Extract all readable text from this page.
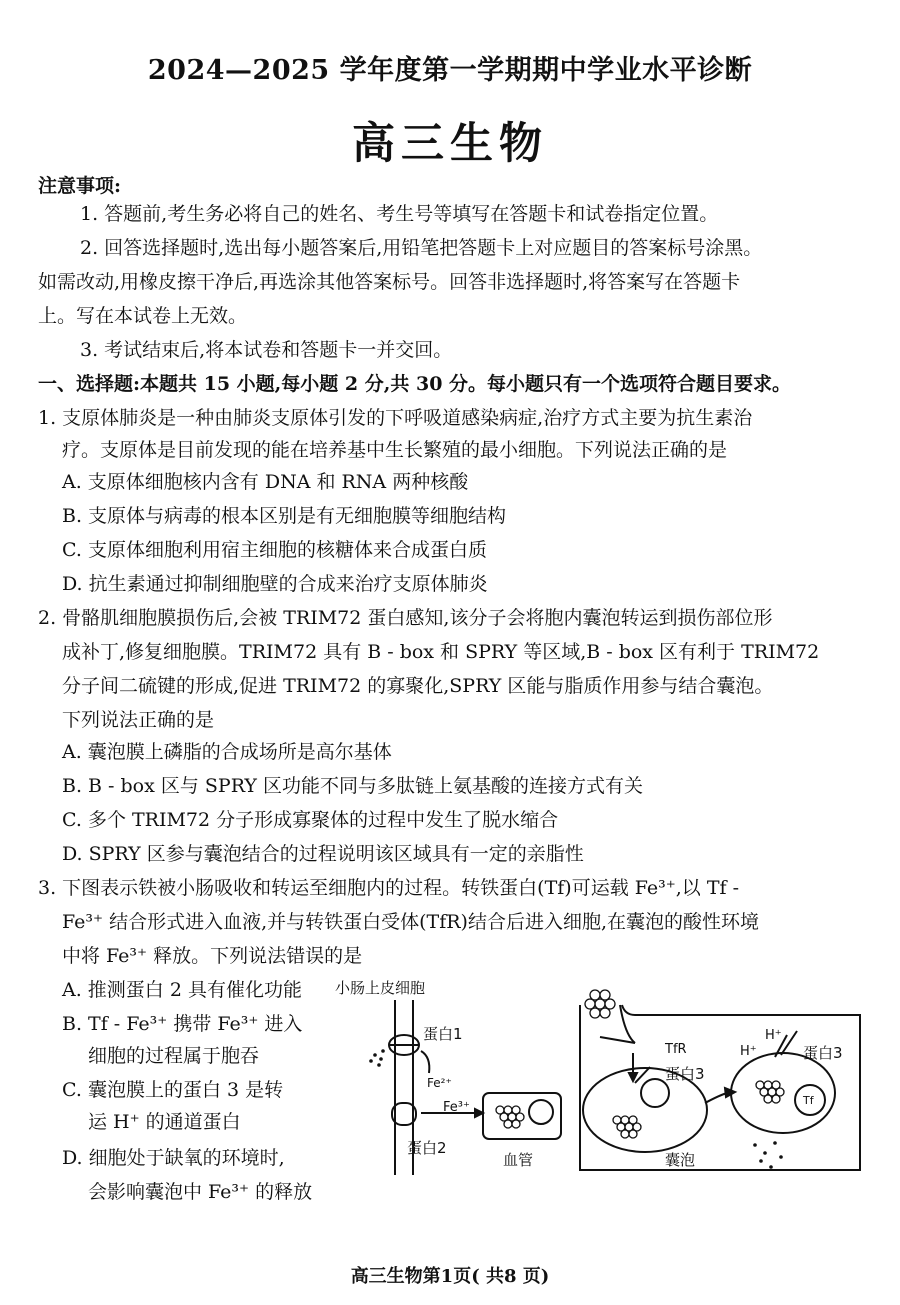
2024—2025 学年度第一学期期中学业水平诊断
高三生物
注意事项:
1. 答题前,考生务必将自己的姓名、考生号等填写在答题卡和试卷指定位置。
2. 回答选择题时,选出每小题答案后,用铅笔把答题卡上对应题目的答案标号涂黑。
如需改动,用橡皮擦干净后,再选涂其他答案标号。回答非选择题时,将答案写在答题卡
上。写在本试卷上无效。
3. 考试结束后,将本试卷和答题卡一并交回。
一、选择题:本题共 15 小题,每小题 2 分,共 30 分。每小题只有一个选项符合题目要求。
1. 支原体肺炎是一种由肺炎支原体引发的下呼吸道感染病症,治疗方式主要为抗生素治
疗。支原体是目前发现的能在培养基中生长繁殖的最小细胞。下列说法正确的是
A. 支原体细胞核内含有 DNA 和 RNA 两种核酸
B. 支原体与病毒的根本区别是有无细胞膜等细胞结构
C. 支原体细胞利用宿主细胞的核糖体来合成蛋白质
D. 抗生素通过抑制细胞壁的合成来治疗支原体肺炎
2. 骨骼肌细胞膜损伤后,会被 TRIM72 蛋白感知,该分子会将胞内囊泡转运到损伤部位形
成补丁,修复细胞膜。TRIM72 具有 B - box 和 SPRY 等区域,B - box 区有利于 TRIM72
分子间二硫键的形成,促进 TRIM72 的寡聚化,SPRY 区能与脂质作用参与结合囊泡。
下列说法正确的是
A. 囊泡膜上磷脂的合成场所是高尔基体
B. B - box 区与 SPRY 区功能不同与多肽链上氨基酸的连接方式有关
C. 多个 TRIM72 分子形成寡聚体的过程中发生了脱水缩合
D. SPRY 区参与囊泡结合的过程说明该区域具有一定的亲脂性
3. 下图表示铁被小肠吸收和转运至细胞内的过程。转铁蛋白(Tf)可运载 Fe³⁺,以 Tf -
Fe³⁺ 结合形式进入血液,并与转铁蛋白受体(TfR)结合后进入细胞,在囊泡的酸性环境
中将 Fe³⁺ 释放。下列说法错误的是
A. 推测蛋白 2 具有催化功能
B. Tf - Fe³⁺ 携带 Fe³⁺ 进入
细胞的过程属于胞吞
C. 囊泡膜上的蛋白 3 是转
运 H⁺ 的通道蛋白
D. 细胞处于缺氧的环境时,
会影响囊泡中 Fe³⁺ 的释放
小肠上皮细胞
蛋白1
Fe²⁺
Fe³⁺
蛋白2
血管
TfR
蛋白3
H⁺
H⁺
蛋白3
Tf
囊泡
高三生物第1页( 共8 页)
